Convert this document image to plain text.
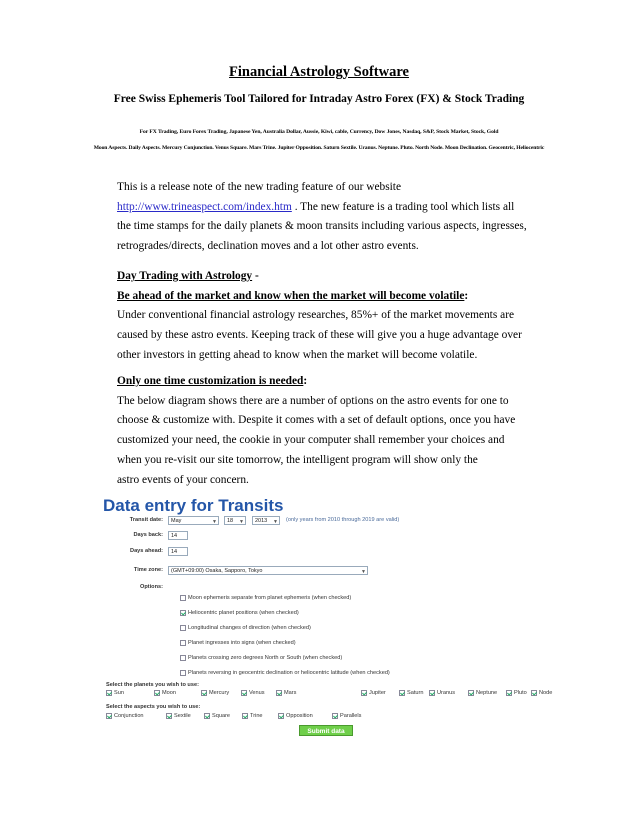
Financial Astrology Software
Free Swiss Ephemeris Tool Tailored for Intraday Astro Forex (FX) & Stock Trading
For FX Trading, Euro Forex Trading, Japanese Yen, Australia Dollar, Aussie, Kiwi, cable, Currency, Dow Jones, Nasdaq, S&P, Stock Market, Stock, Gold
Moon Aspects. Daily Aspects. Mercury Conjunction. Venus Square. Mars Trine. Jupiter Opposition. Saturn Sextile. Uranus. Neptune. Pluto. North Node. Moon Declination. Geocentric, Heliocentric
This is a release note of the new trading feature of our website
http://www.trineaspect.com/index.htm . The new feature is a trading tool which lists all
the time stamps for the daily planets & moon transits including various aspects, ingresses,
retrogrades/directs, declination moves and a lot other astro events.
Day Trading with Astrology -
Be ahead of the market and know when the market will become volatile:
Under conventional financial astrology researches, 85%+ of the market movements are
caused by these astro events. Keeping track of these will give you a huge advantage over
other investors in getting ahead to know when the market will become volatile.
Only one time customization is needed:
The below diagram shows there are a number of options on the astro events for one to
choose & customize with. Despite it comes with a set of default options, once you have
customized your need, the cookie in your computer shall remember your choices and
when you re-visit our site tomorrow, the intelligent program will show only the
astro events of your concern.
Data entry for Transits
Transit date:	May	▼	18 ▼	2013 ▼ (only years from 2010 through 2019 are valid)
Days back:	14
Days ahead:	14
Time zone:	(GMT+09:00) Osaka, Sapporo, Tokyo	▼
Options:
Moon ephemeris separate from planet ephemeris (when checked)
Heliocentric planet positions (when checked)
Longitudinal changes of direction (when checked)
Planet ingresses into signs (when checked)
Planets crossing zero degrees North or South (when checked)
Planets reversing in geocentric declination or heliocentric latitude (when checked)
Select the planets you wish to use:
Sun	Moon	Mercury	Venus	Mars	Jupiter	Saturn Uranus	Neptune	Pluto Node
Select the aspects you wish to use:
Conjunction	Sextile	Square	Trine	Opposition	Parallels
Submit data
